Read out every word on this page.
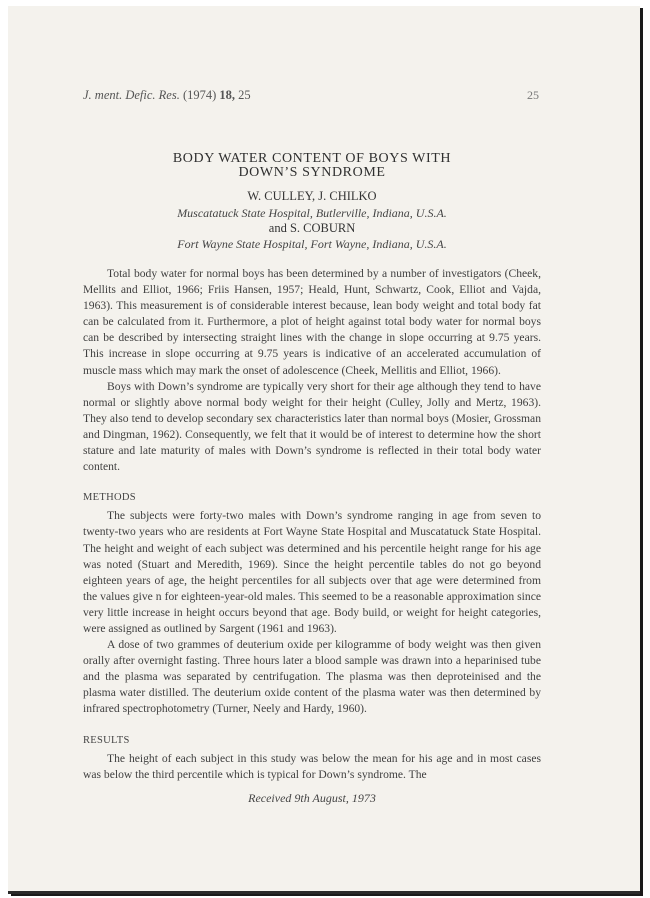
J. ment. Defic. Res. (1974) 18, 25	25
BODY WATER CONTENT OF BOYS WITH
DOWN’S SYNDROME
W. CULLEY, J. CHILKO
Muscatatuck State Hospital, Butlerville, Indiana, U.S.A.
and S. COBURN
Fort Wayne State Hospital, Fort Wayne, Indiana, U.S.A.

Total body water for normal boys has been determined by a number of investigators (Cheek, Mellits and Elliot, 1966; Friis Hansen, 1957; Heald, Hunt, Schwartz, Cook, Elliot and Vajda, 1963). This measurement is of considerable interest because, lean body weight and total body fat can be calculated from it. Furthermore, a plot of height against total body water for normal boys can be described by intersecting straight lines with the change in slope occurring at 9.75 years. This increase in slope occurring at 9.75 years is indicative of an accelerated accumulation of muscle mass which may mark the onset of adolescence (Cheek, Mellitis and Elliot, 1966).

Boys with Down’s syndrome are typically very short for their age although they tend to have normal or slightly above normal body weight for their height (Culley, Jolly and Mertz, 1963). They also tend to develop secondary sex characteristics later than normal boys (Mosier, Grossman and Dingman, 1962). Consequently, we felt that it would be of interest to determine how the short stature and late maturity of males with Down’s syndrome is reflected in their total body water content.

METHODS

The subjects were forty-two males with Down’s syndrome ranging in age from seven to twenty-two years who are residents at Fort Wayne State Hospital and Muscatatuck State Hospital. The height and weight of each subject was determined and his percentile height range for his age was noted (Stuart and Meredith, 1969). Since the height percentile tables do not go beyond eighteen years of age, the height percentiles for all subjects over that age were determined from the values give n for eighteen-year-old males. This seemed to be a reasonable approximation since very little increase in height occurs beyond that age. Body build, or weight for height categories, were assigned as outlined by Sargent (1961 and 1963).

A dose of two grammes of deuterium oxide per kilogramme of body weight was then given orally after overnight fasting. Three hours later a blood sample was drawn into a heparinised tube and the plasma was separated by centrifugation. The plasma was then deproteinised and the plasma water distilled. The deuterium oxide content of the plasma water was then determined by infrared spectrophotometry (Turner, Neely and Hardy, 1960).

RESULTS

The height of each subject in this study was below the mean for his age and in most cases was below the third percentile which is typical for Down’s syndrome. The

Received 9th August, 1973
